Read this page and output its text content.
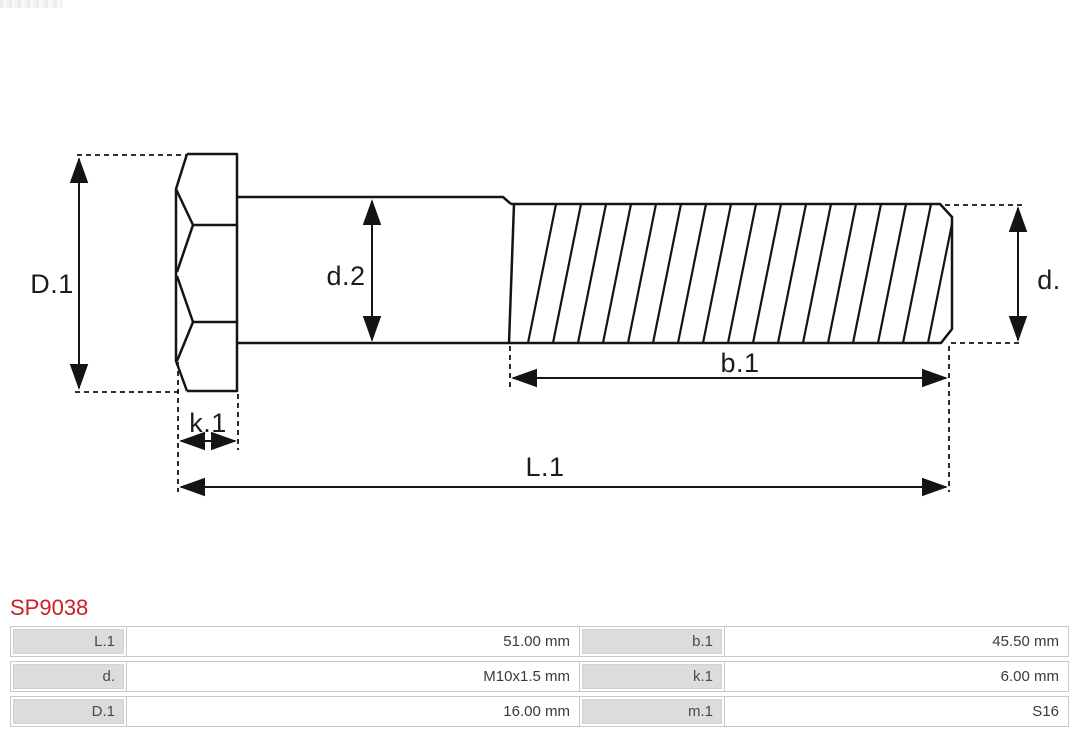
D.1	d.2	d.
b.1
k.1
L.1
SP9038
L.1	51.00 mm	b.1	45.50 mm
d.	M10x1.5 mm	k.1	6.00 mm
D.1	16.00 mm	m.1	S16
